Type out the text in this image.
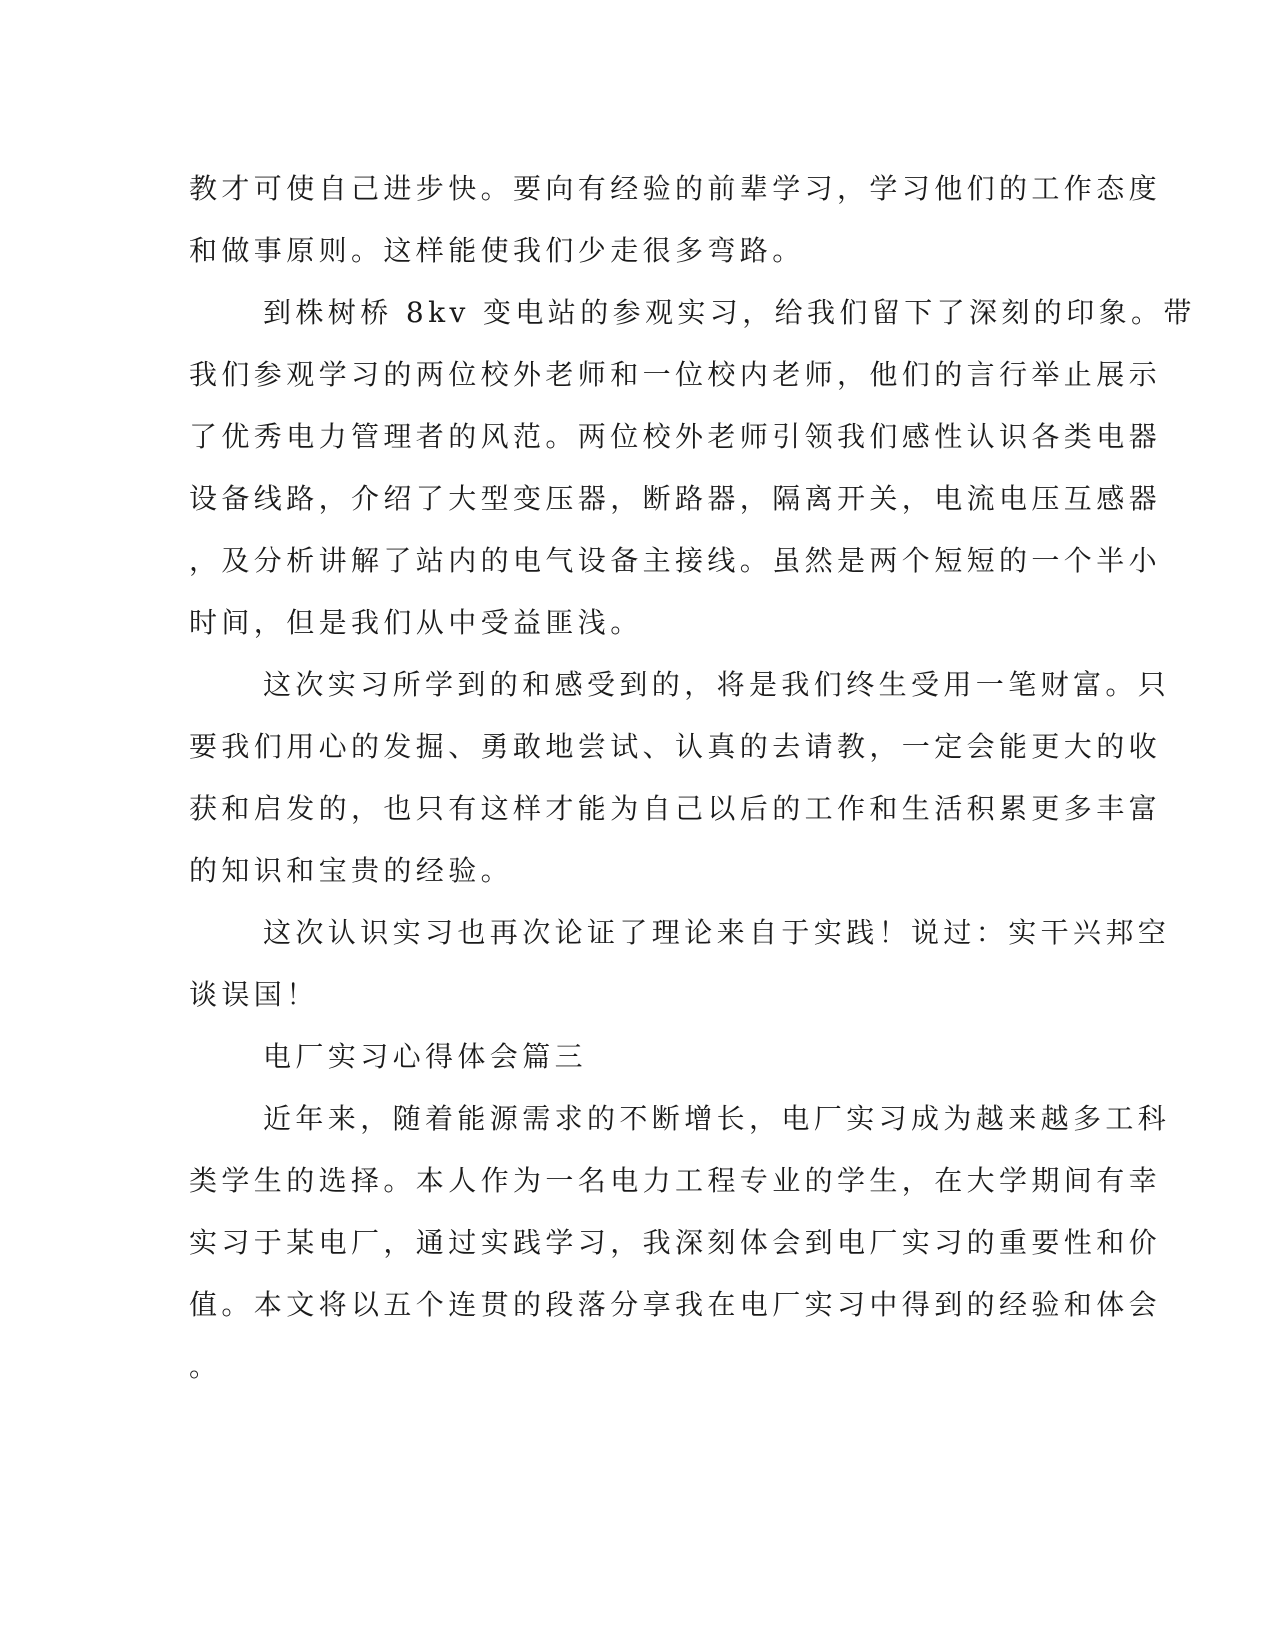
教才可使自己进步快。要向有经验的前辈学习，学习他们的工作态度
和做事原则。这样能使我们少走很多弯路。
到株树桥 8kv 变电站的参观实习，给我们留下了深刻的印象。带
我们参观学习的两位校外老师和一位校内老师，他们的言行举止展示
了优秀电力管理者的风范。两位校外老师引领我们感性认识各类电器
设备线路，介绍了大型变压器，断路器，隔离开关，电流电压互感器
，及分析讲解了站内的电气设备主接线。虽然是两个短短的一个半小
时间，但是我们从中受益匪浅。
这次实习所学到的和感受到的，将是我们终生受用一笔财富。只
要我们用心的发掘、勇敢地尝试、认真的去请教，一定会能更大的收
获和启发的，也只有这样才能为自己以后的工作和生活积累更多丰富
的知识和宝贵的经验。
这次认识实习也再次论证了理论来自于实践！说过：实干兴邦空
谈误国！
电厂实习心得体会篇三
近年来，随着能源需求的不断增长，电厂实习成为越来越多工科
类学生的选择。本人作为一名电力工程专业的学生，在大学期间有幸
实习于某电厂，通过实践学习，我深刻体会到电厂实习的重要性和价
值。本文将以五个连贯的段落分享我在电厂实习中得到的经验和体会
。
